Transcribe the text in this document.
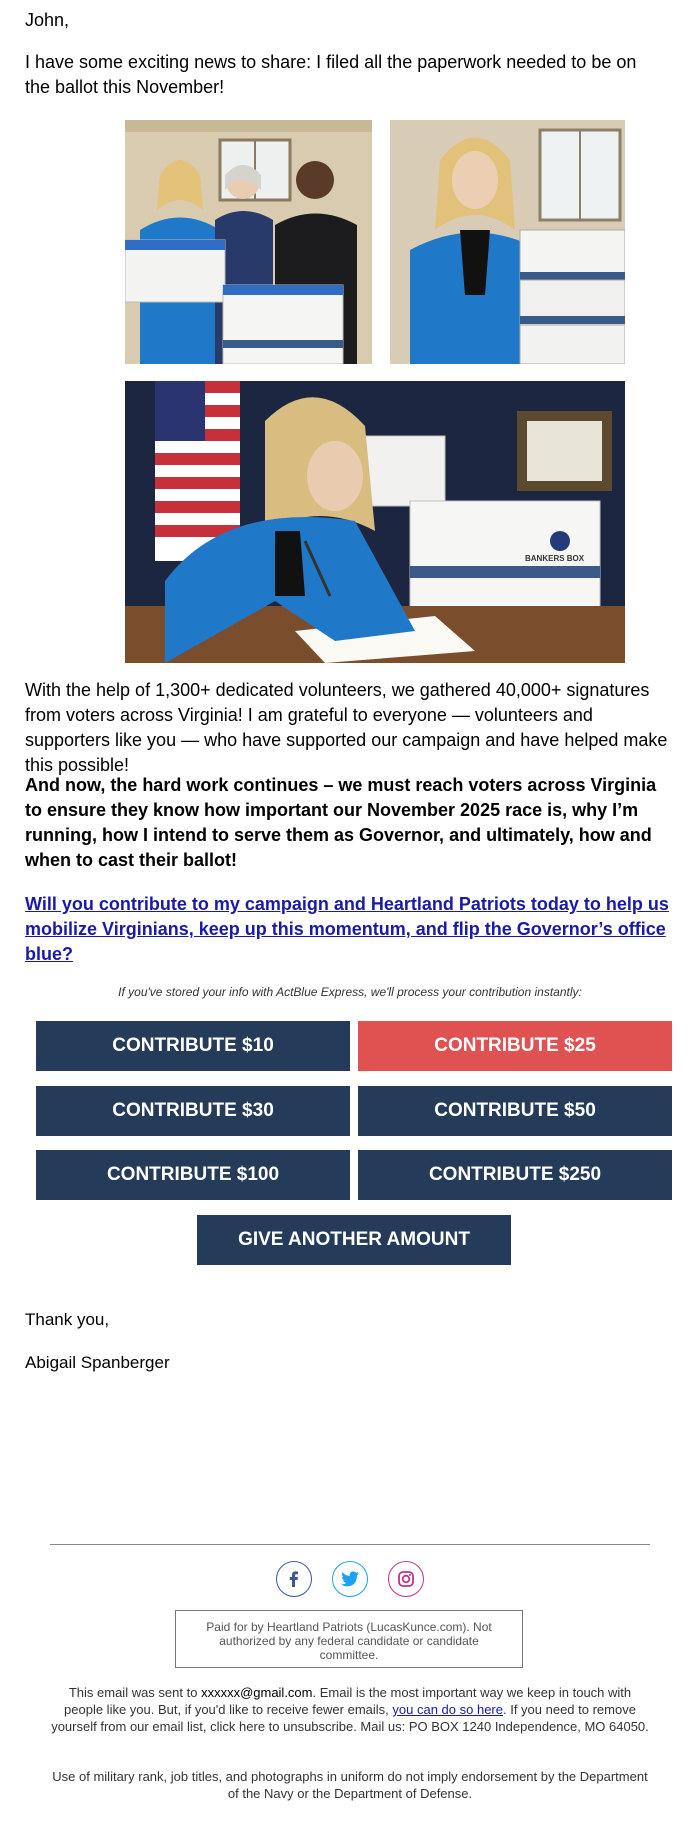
John,

I have some exciting news to share: I filed all the paperwork needed to be on the ballot this November!

BANKERS BOX

With the help of 1,300+ dedicated volunteers, we gathered 40,000+ signatures from voters across Virginia! I am grateful to everyone — volunteers and supporters like you — who have supported our campaign and have helped make this possible!

And now, the hard work continues – we must reach voters across Virginia to ensure they know how important our November 2025 race is, why I’m running, how I intend to serve them as Governor, and ultimately, how and when to cast their ballot!

Will you contribute to my campaign and Heartland Patriots today to help us mobilize Virginians, keep up this momentum, and flip the Governor’s office blue?

If you've stored your info with ActBlue Express, we'll process your contribution instantly:
CONTRIBUTE $10	CONTRIBUTE $25
CONTRIBUTE $30	CONTRIBUTE $50
CONTRIBUTE $100	CONTRIBUTE $250
GIVE ANOTHER AMOUNT

Thank you,

Abigail Spanberger

Paid for by Heartland Patriots (LucasKunce.com). Not authorized by any federal candidate or candidate committee.
This email was sent to xxxxxx@gmail.com. Email is the most important way we keep in touch with people like you. But, if you'd like to receive fewer emails, you can do so here. If you need to remove yourself from our email list, click here to unsubscribe. Mail us: PO BOX 1240 Independence, MO 64050.
Use of military rank, job titles, and photographs in uniform do not imply endorsement by the Department of the Navy or the Department of Defense.
